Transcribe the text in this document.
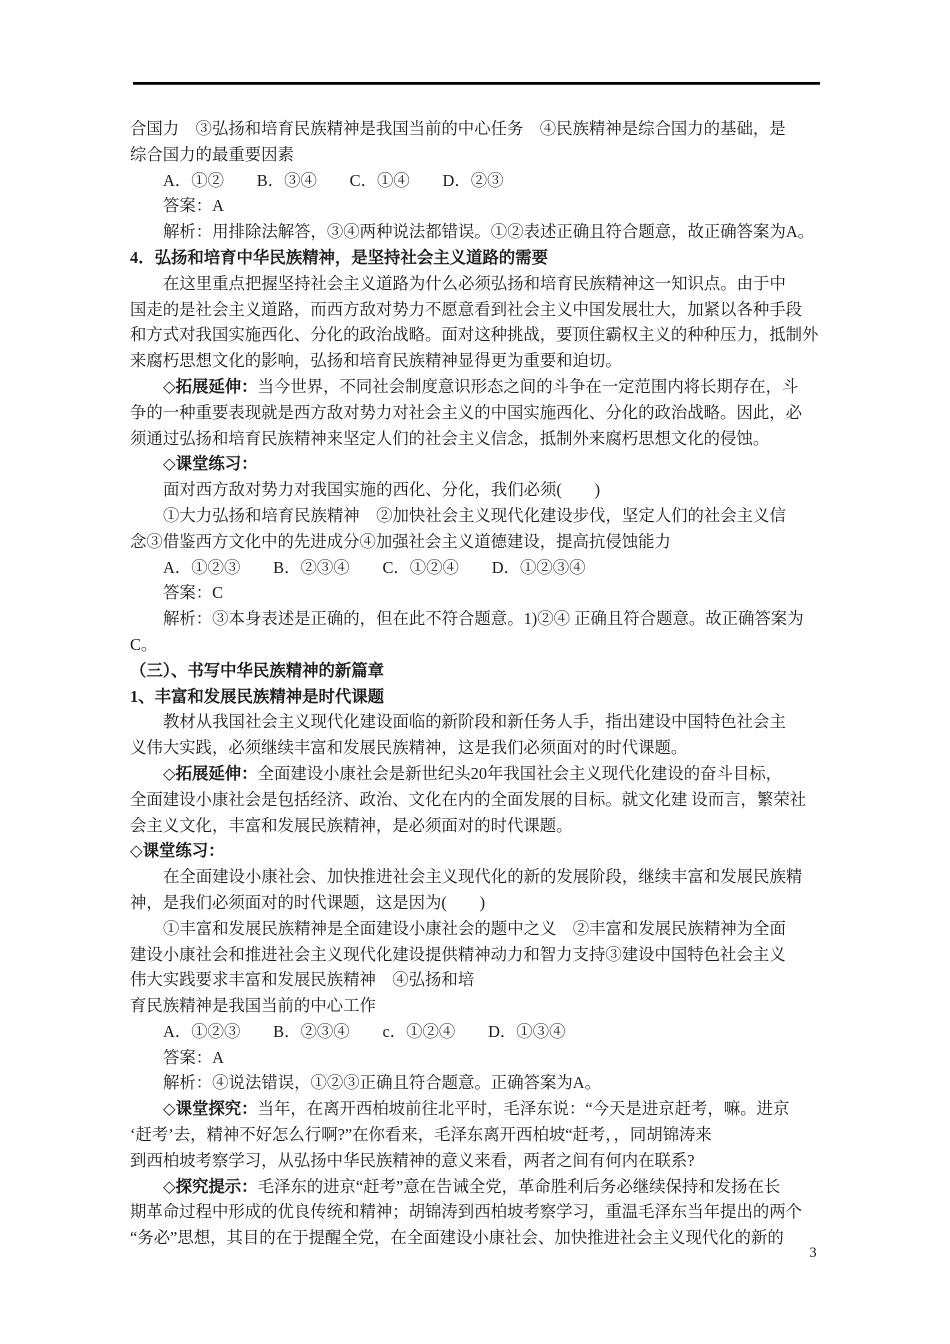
合国力　③弘扬和培育民族精神是我国当前的中心任务　④民族精神是综合国力的基础，是
综合国力的最重要因素
A．①②　　B．③④　　C．①④　　D．②③
答案：A
解析：用排除法解答，③④两种说法都错误。①②表述正确且符合题意，故正确答案为A。
4．弘扬和培育中华民族精神，是坚持社会主义道路的需要
在这里重点把握坚持社会主义道路为什么必须弘扬和培育民族精神这一知识点。由于中
国走的是社会主义道路，而西方敌对势力不愿意看到社会主义中国发展壮大，加紧以各种手段
和方式对我国实施西化、分化的政治战略。面对这种挑战，要顶住霸权主义的种种压力，抵制外
来腐朽思想文化的影响，弘扬和培育民族精神显得更为重要和迫切。
◇拓展延伸：当今世界，不同社会制度意识形态之间的斗争在一定范围内将长期存在，斗
争的一种重要表现就是西方敌对势力对社会主义的中国实施西化、分化的政治战略。因此，必
须通过弘扬和培育民族精神来坚定人们的社会主义信念，抵制外来腐朽思想文化的侵蚀。
◇课堂练习：
面对西方敌对势力对我国实施的西化、分化，我们必须(　　)
①大力弘扬和培育民族精神　②加快社会主义现代化建设步伐，坚定人们的社会主义信
念③借鉴西方文化中的先进成分④加强社会主义道德建设，提高抗侵蚀能力
A．①②③　　B．②③④　　C．①②④　　D．①②③④
答案：C
解析：③本身表述是正确的，但在此不符合题意。1)②④ 正确且符合题意。故正确答案为
C。
（三）、书写中华民族精神的新篇章
1、丰富和发展民族精神是时代课题
教材从我国社会主义现代化建设面临的新阶段和新任务人手，指出建设中国特色社会主
义伟大实践，必须继续丰富和发展民族精神，这是我们必须面对的时代课题。
◇拓展延伸：全面建设小康社会是新世纪头20年我国社会主义现代化建设的奋斗目标，
全面建设小康社会是包括经济、政治、文化在内的全面发展的目标。就文化建 设而言，繁荣社
会主义文化，丰富和发展民族精神，是必须面对的时代课题。
◇课堂练习：
在全面建设小康社会、加快推进社会主义现代化的新的发展阶段，继续丰富和发展民族精
神，是我们必须面对的时代课题，这是因为(　　)
①丰富和发展民族精神是全面建设小康社会的题中之义　②丰富和发展民族精神为全面
建设小康社会和推进社会主义现代化建设提供精神动力和智力支持③建设中国特色社会主义
伟大实践要求丰富和发展民族精神　④弘扬和培
育民族精神是我国当前的中心工作
A．①②③　　B．②③④　　c．①②④　　D．①③④
答案：A
解析：④说法错误，①②③正确且符合题意。正确答案为A。
◇课堂探究：当年，在离开西柏坡前往北平时，毛泽东说：“今天是进京赶考，嘛。进京
‘赶考’去，精神不好怎么行啊?”在你看来，毛泽东离开西柏坡“赶考，，同胡锦涛来
到西柏坡考察学习，从弘扬中华民族精神的意义来看，两者之间有何内在联系?
◇探究提示：毛泽东的进京“赶考”意在告诫全党，革命胜利后务必继续保持和发扬在长
期革命过程中形成的优良传统和精神；胡锦涛到西柏坡考察学习，重温毛泽东当年提出的两个
“务必”思想，其目的在于提醒全党，在全面建设小康社会、加快推进社会主义现代化的新的
3
